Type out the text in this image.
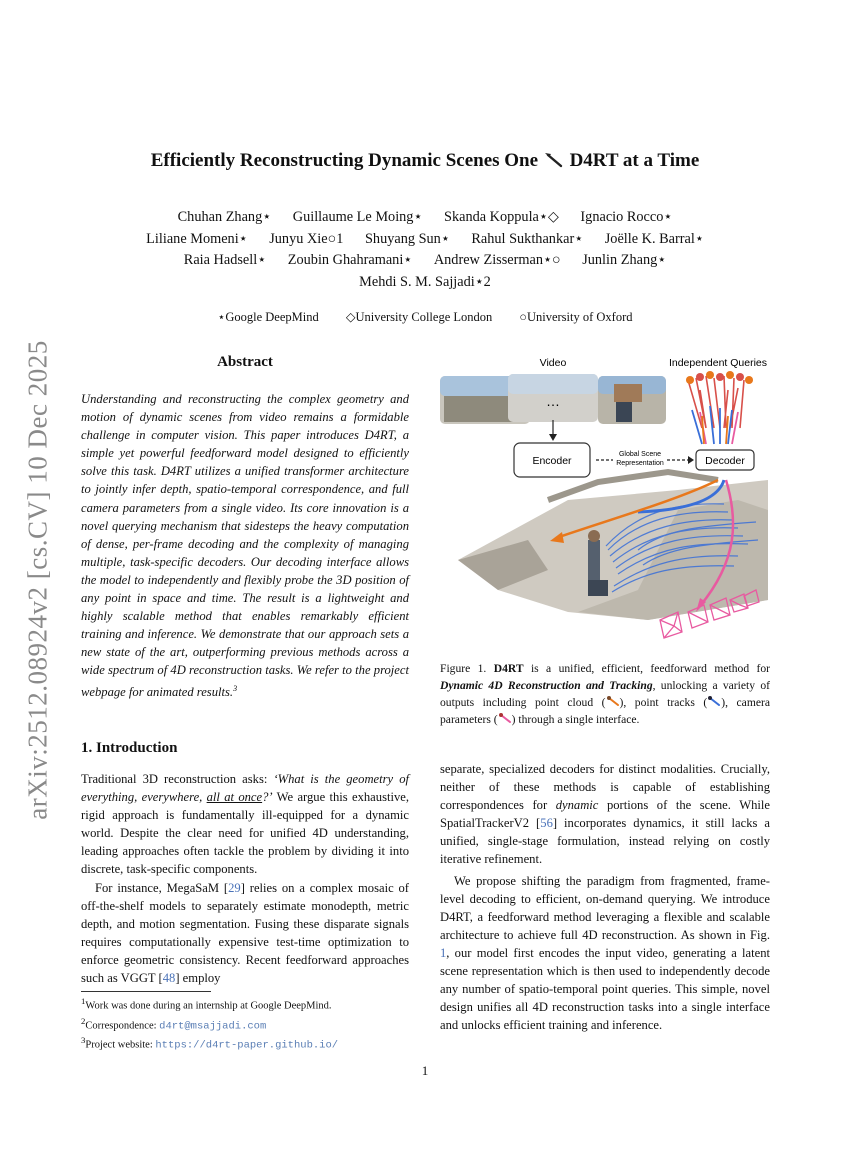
arXiv:2512.08924v2 [cs.CV] 10 Dec 2025
Efficiently Reconstructing Dynamic Scenes One D4RT at a Time
Chuhan Zhang⋆ Guillaume Le Moing⋆ Skanda Koppula⋆◇ Ignacio Rocco⋆
Liliane Momeni⋆ Junyu Xie○1 Shuyang Sun⋆ Rahul Sukthankar⋆ Joëlle K. Barral⋆
Raia Hadsell⋆ Zoubin Ghahramani⋆ Andrew Zisserman⋆○ Junlin Zhang⋆
Mehdi S. M. Sajjadi⋆2
⋆Google DeepMind ◇University College London ○University of Oxford
Abstract
Understanding and reconstructing the complex geometry and motion of dynamic scenes from video remains a formidable challenge in computer vision. This paper introduces D4RT, a simple yet powerful feedforward model designed to efficiently solve this task. D4RT utilizes a unified transformer architecture to jointly infer depth, spatio-temporal correspondence, and full camera parameters from a single video. Its core innovation is a novel querying mechanism that sidesteps the heavy computation of dense, per-frame decoding and the complexity of managing multiple, task-specific decoders. Our decoding interface allows the model to independently and flexibly probe the 3D position of any point in space and time. The result is a lightweight and highly scalable method that enables remarkably efficient training and inference. We demonstrate that our approach sets a new state of the art, outperforming previous methods across a wide spectrum of 4D reconstruction tasks. We refer to the project webpage for animated results.$^3$
1. Introduction

Traditional 3D reconstruction asks: ‘What is the geometry of everything, everywhere, all at once?’ We argue this exhaustive, rigid approach is fundamentally ill-equipped for a dynamic world. Despite the clear need for unified 4D understanding, leading approaches often tackle the problem by dividing it into discrete, task-specific components.

For instance, MegaSaM [29] relies on a complex mosaic of off-the-shelf models to separately estimate monodepth, metric depth, and motion segmentation. Fusing these disparate signals requires computationally expensive test-time optimization to enforce geometric consistency. Recent feedforward approaches such as VGGT [48] employ

$^1$Work was done during an internship at Google DeepMind.
$^2$Correspondence: d4rt@msajjadi.com
$^3$Project website: https://d4rt-paper.github.io/
Video	Independent Queries
…
Encoder
Global Scene
Representation	Decoder
Figure 1. D4RT is a unified, efficient, feedforward method for Dynamic 4D Reconstruction and Tracking, unlocking a variety of outputs including point cloud ( ), point tracks ( ), camera parameters ( ) through a single interface.

separate, specialized decoders for distinct modalities. Crucially, neither of these methods is capable of establishing correspondences for dynamic portions of the scene. While SpatialTrackerV2 [56] incorporates dynamics, it still lacks a unified, single-stage formulation, instead relying on costly iterative refinement.

We propose shifting the paradigm from fragmented, frame-level decoding to efficient, on-demand querying. We introduce D4RT, a feedforward method leveraging a flexible and scalable architecture to achieve full 4D reconstruction. As shown in Fig. 1, our model first encodes the input video, generating a latent scene representation which is then used to independently decode any number of spatio-temporal point queries. This simple, novel design unifies all 4D reconstruction tasks into a single interface and unlocks efficient training and inference.

1
